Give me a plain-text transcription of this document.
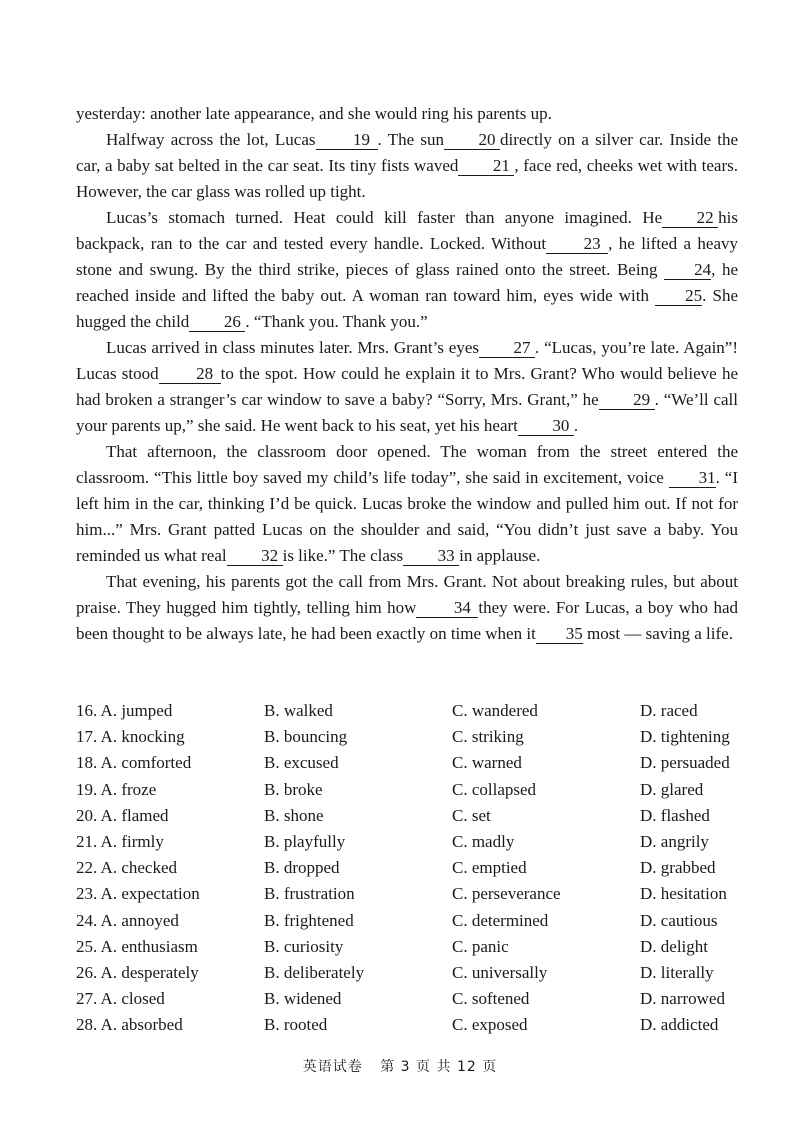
yesterday: another late appearance, and she would ring his parents up.

Halfway across the lot, Lucas 19 . The sun 20 directly on a silver car. Inside the car, a baby sat belted in the car seat. Its tiny fists waved 21 , face red, cheeks wet with tears. However, the car glass was rolled up tight.

Lucas’s stomach turned. Heat could kill faster than anyone imagined. He 22 his backpack, ran to the car and tested every handle. Locked. Without 23 , he lifted a heavy stone and swung. By the third strike, pieces of glass rained onto the street. Being 24, he reached inside and lifted the baby out. A woman ran toward him, eyes wide with 25. She hugged the child 26 . “Thank you. Thank you.”

Lucas arrived in class minutes later. Mrs. Grant’s eyes 27 . “Lucas, you’re late. Again”! Lucas stood 28 to the spot. How could he explain it to Mrs. Grant? Who would believe he had broken a stranger’s car window to save a baby? “Sorry, Mrs. Grant,” he 29 . “We’ll call your parents up,” she said. He went back to his seat, yet his heart 30 .

That afternoon, the classroom door opened. The woman from the street entered the classroom. “This little boy saved my child’s life today”, she said in excitement, voice 31. “I left him in the car, thinking I’d be quick. Lucas broke the window and pulled him out. If not for him...” Mrs. Grant patted Lucas on the shoulder and said, “You didn’t just save a baby. You reminded us what real 32 is like.” The class 33 in applause.

That evening, his parents got the call from Mrs. Grant. Not about breaking rules, but about praise. They hugged him tightly, telling him how 34 they were. For Lucas, a boy who had been thought to be always late, he had been exactly on time when it 35 most — saving a life.

16. A. jumped	B. walked	C. wandered	D. raced
17. A. knocking	B. bouncing	C. striking	D. tightening
18. A. comforted	B. excused	C. warned	D. persuaded
19. A. froze	B. broke	C. collapsed	D. glared
20. A. flamed	B. shone	C. set	D. flashed
21. A. firmly	B. playfully	C. madly	D. angrily
22. A. checked	B. dropped	C. emptied	D. grabbed
23. A. expectation	B. frustration	C. perseverance	D. hesitation
24. A. annoyed	B. frightened	C. determined	D. cautious
25. A. enthusiasm	B. curiosity	C. panic	D. delight
26. A. desperately	B. deliberately	C. universally	D. literally
27. A. closed	B. widened	C. softened	D. narrowed
28. A. absorbed	B. rooted	C. exposed	D. addicted
英语试卷 第 3 页 共 12 页
